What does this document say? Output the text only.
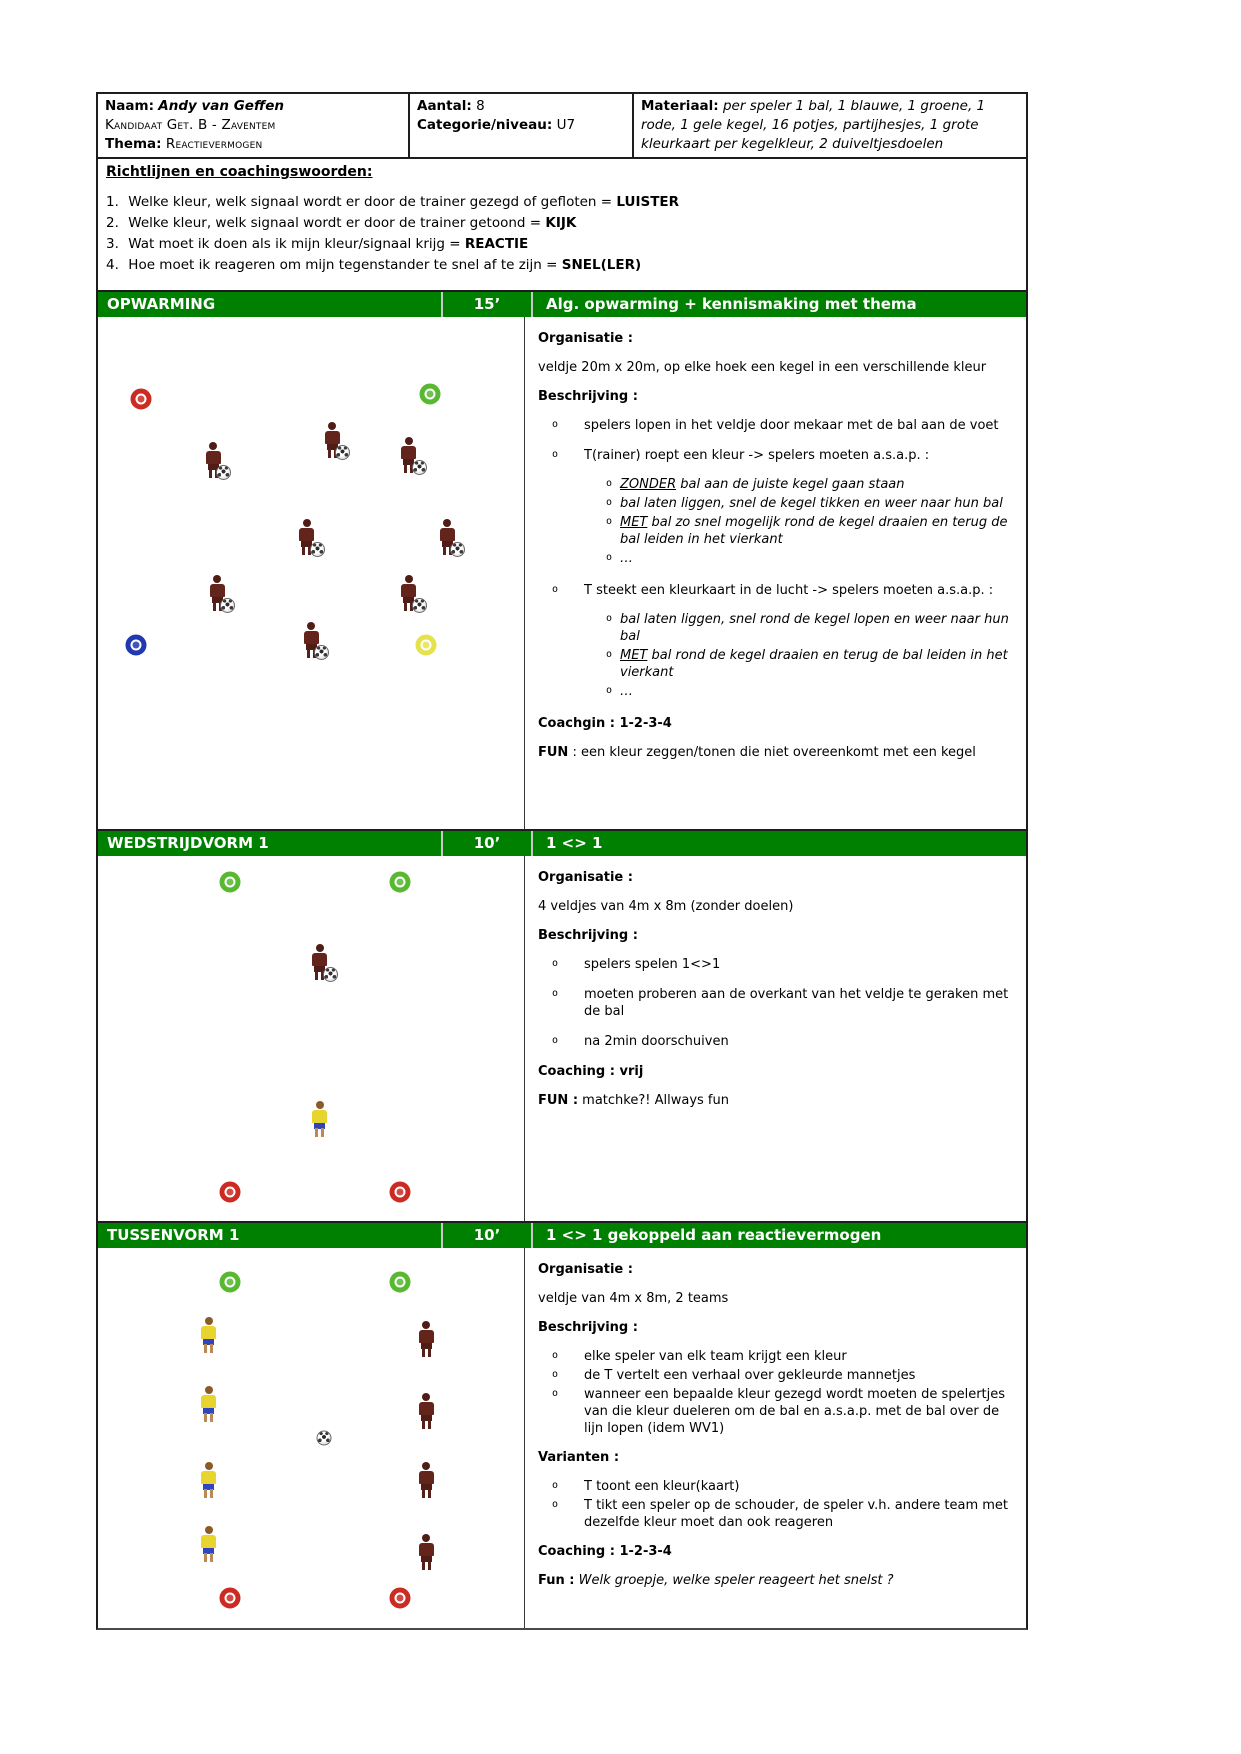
Naam: Andy van Geffen
Kandidaat Get. B - Zaventem
Thema: Reactievermogen
Aantal: 8
Categorie/niveau: U7
Materiaal: per speler 1 bal, 1 blauwe, 1 groene, 1 rode, 1 gele kegel, 16 potjes, partijhesjes, 1 grote kleurkaart per kegelkleur, 2 duiveltjesdoelen
Richtlijnen en coachingswoorden:
1. Welke kleur, welk signaal wordt er door de trainer gezegd of gefloten = LUISTER
2. Welke kleur, welk signaal wordt er door de trainer getoond = KIJK
3. Wat moet ik doen als ik mijn kleur/signaal krijg = REACTIE
4. Hoe moet ik reageren om mijn tegenstander te snel af te zijn = SNEL(LER)
OPWARMING	15’	Alg. opwarming + kennismaking met thema
Organisatie :
veldje 20m x 20m, op elke hoek een kegel in een verschillende kleur
Beschrijving :
o	spelers lopen in het veldje door mekaar met de bal aan de voet
o	T(rainer) roept een kleur -> spelers moeten a.s.a.p. :
o ZONDER bal aan de juiste kegel gaan staan
o bal laten liggen, snel de kegel tikken en weer naar hun bal
o MET bal zo snel mogelijk rond de kegel draaien en terug de bal leiden in het vierkant
o …
o	T steekt een kleurkaart in de lucht -> spelers moeten a.s.a.p. :
o bal laten liggen, snel rond de kegel lopen en weer naar hun bal
o MET bal rond de kegel draaien en terug de bal leiden in het vierkant
o …
Coachgin : 1-2-3-4
FUN : een kleur zeggen/tonen die niet overeenkomt met een kegel
WEDSTRIJDVORM 1	10’	1 <> 1
Organisatie :
4 veldjes van 4m x 8m (zonder doelen)
Beschrijving :
o	spelers spelen 1<>1
o	moeten proberen aan de overkant van het veldje te geraken met de bal
o	na 2min doorschuiven
Coaching : vrij
FUN : matchke?! Allways fun
TUSSENVORM 1	10’	1 <> 1 gekoppeld aan reactievermogen
Organisatie :
veldje van 4m x 8m, 2 teams
Beschrijving :
o	elke speler van elk team krijgt een kleur
o	de T vertelt een verhaal over gekleurde mannetjes
o	wanneer een bepaalde kleur gezegd wordt moeten de spelertjes van die kleur dueleren om de bal en a.s.a.p. met de bal over de lijn lopen (idem WV1)
Varianten :
o	T toont een kleur(kaart)
o	T tikt een speler op de schouder, de speler v.h. andere team met dezelfde kleur moet dan ook reageren
Coaching : 1-2-3-4
Fun : Welk groepje, welke speler reageert het snelst ?
